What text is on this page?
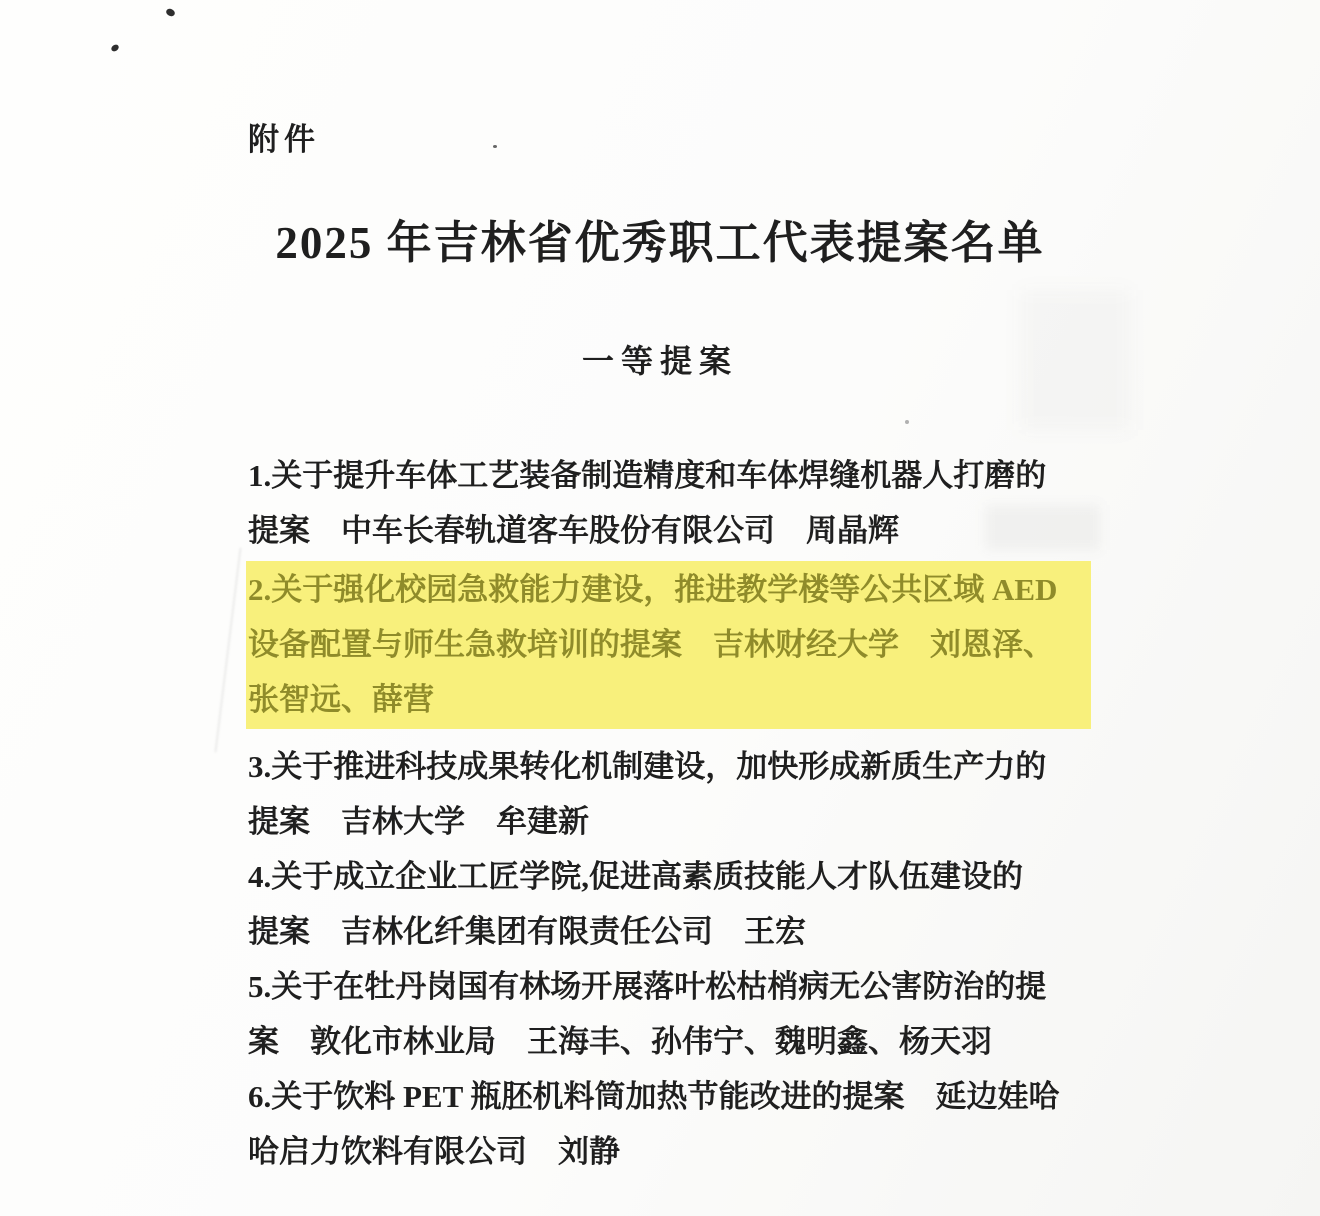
附件
2025 年吉林省优秀职工代表提案名单
一等提案
1.关于提升车体工艺装备制造精度和车体焊缝机器人打磨的
提案　中车长春轨道客车股份有限公司　周晶辉
2.关于强化校园急救能力建设，推进教学楼等公共区域 AED
设备配置与师生急救培训的提案　吉林财经大学　刘恩泽、
张智远、薛营
3.关于推进科技成果转化机制建设，加快形成新质生产力的
提案　吉林大学　牟建新
4.关于成立企业工匠学院,促进高素质技能人才队伍建设的
提案　吉林化纤集团有限责任公司　王宏
5.关于在牡丹岗国有林场开展落叶松枯梢病无公害防治的提
案　敦化市林业局　王海丰、孙伟宁、魏明鑫、杨天羽
6.关于饮料 PET 瓶胚机料筒加热节能改进的提案　延边娃哈
哈启力饮料有限公司　刘静
